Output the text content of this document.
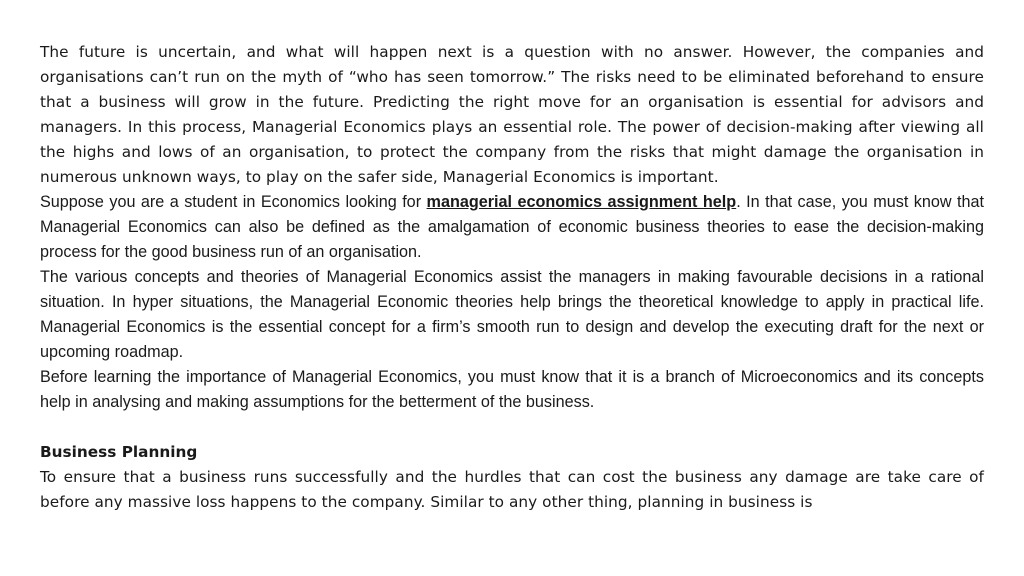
The future is uncertain, and what will happen next is a question with no answer. However, the companies and organisations can’t run on the myth of “who has seen tomorrow.” The risks need to be eliminated beforehand to ensure that a business will grow in the future. Predicting the right move for an organisation is essential for advisors and managers. In this process, Managerial Economics plays an essential role. The power of decision-making after viewing all the highs and lows of an organisation, to protect the company from the risks that might damage the organisation in numerous unknown ways, to play on the safer side, Managerial Economics is important.

Suppose you are a student in Economics looking for managerial economics assignment help. In that case, you must know that Managerial Economics can also be defined as the amalgamation of economic business theories to ease the decision-making process for the good business run of an organisation.

The various concepts and theories of Managerial Economics assist the managers in making favourable decisions in a rational situation. In hyper situations, the Managerial Economic theories help brings the theoretical knowledge to apply in practical life. Managerial Economics is the essential concept for a firm’s smooth run to design and develop the executing draft for the next or upcoming roadmap.

Before learning the importance of Managerial Economics, you must know that it is a branch of Microeconomics and its concepts help in analysing and making assumptions for the betterment of the business.

Business Planning

To ensure that a business runs successfully and the hurdles that can cost the business any damage are take care of before any massive loss happens to the company. Similar to any other thing, planning in business is
